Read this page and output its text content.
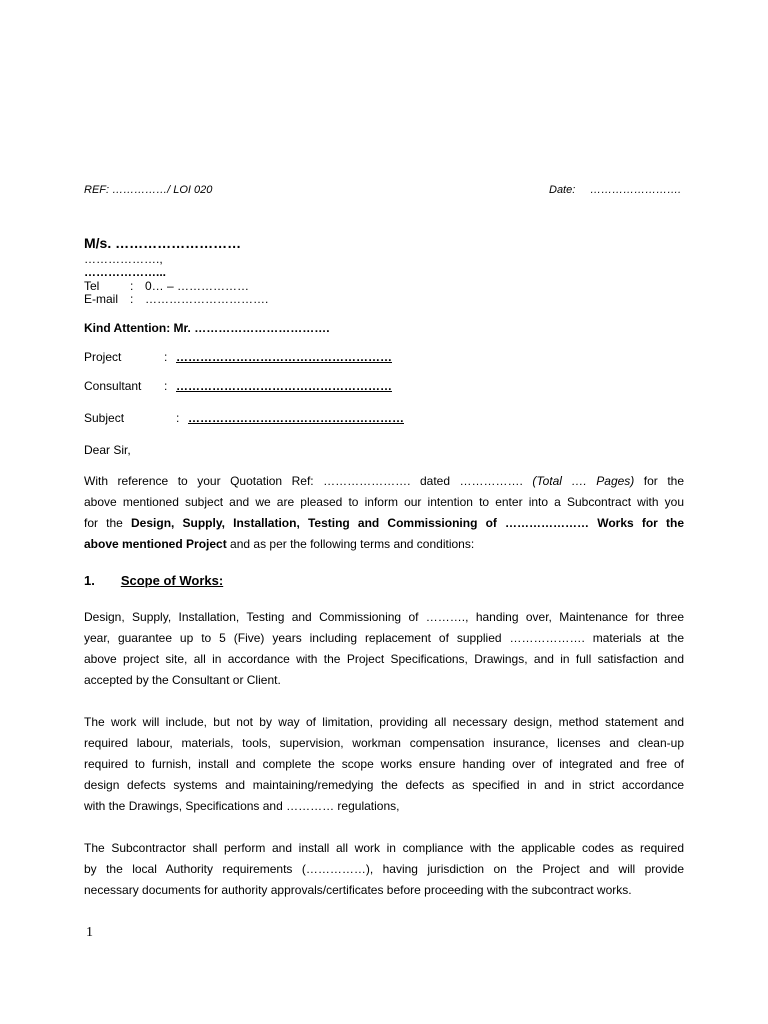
REF: ……………/ LOI 020	Date: …………………….
M/s. ………………………
……………….,
………………...
Tel	: 0… – ………………
E-mail : ………………………….
Kind Attention: Mr. …………………………….
Project	: ………………………………………………
Consultant : ………………………………………………
Subject	: ………………………………………………
Dear Sir,
With reference to your Quotation Ref: …………………. dated ……………. (Total …. Pages) for the
above mentioned subject and we are pleased to inform our intention to enter into a Subcontract with you
for the Design, Supply, Installation, Testing and Commissioning of ………………… Works for the
above mentioned Project and as per the following terms and conditions:
1. Scope of Works:
Design, Supply, Installation, Testing and Commissioning of ………., handing over, Maintenance for three
year, guarantee up to 5 (Five) years including replacement of supplied ………………. materials at the
above project site, all in accordance with the Project Specifications, Drawings, and in full satisfaction and
accepted by the Consultant or Client.
The work will include, but not by way of limitation, providing all necessary design, method statement and
required labour, materials, tools, supervision, workman compensation insurance, licenses and clean-up
required to furnish, install and complete the scope works ensure handing over of integrated and free of
design defects systems and maintaining/remedying the defects as specified in and in strict accordance
with the Drawings, Specifications and ………… regulations,
The Subcontractor shall perform and install all work in compliance with the applicable codes as required
by the local Authority requirements (……………), having jurisdiction on the Project and will provide
necessary documents for authority approvals/certificates before proceeding with the subcontract works.
1
